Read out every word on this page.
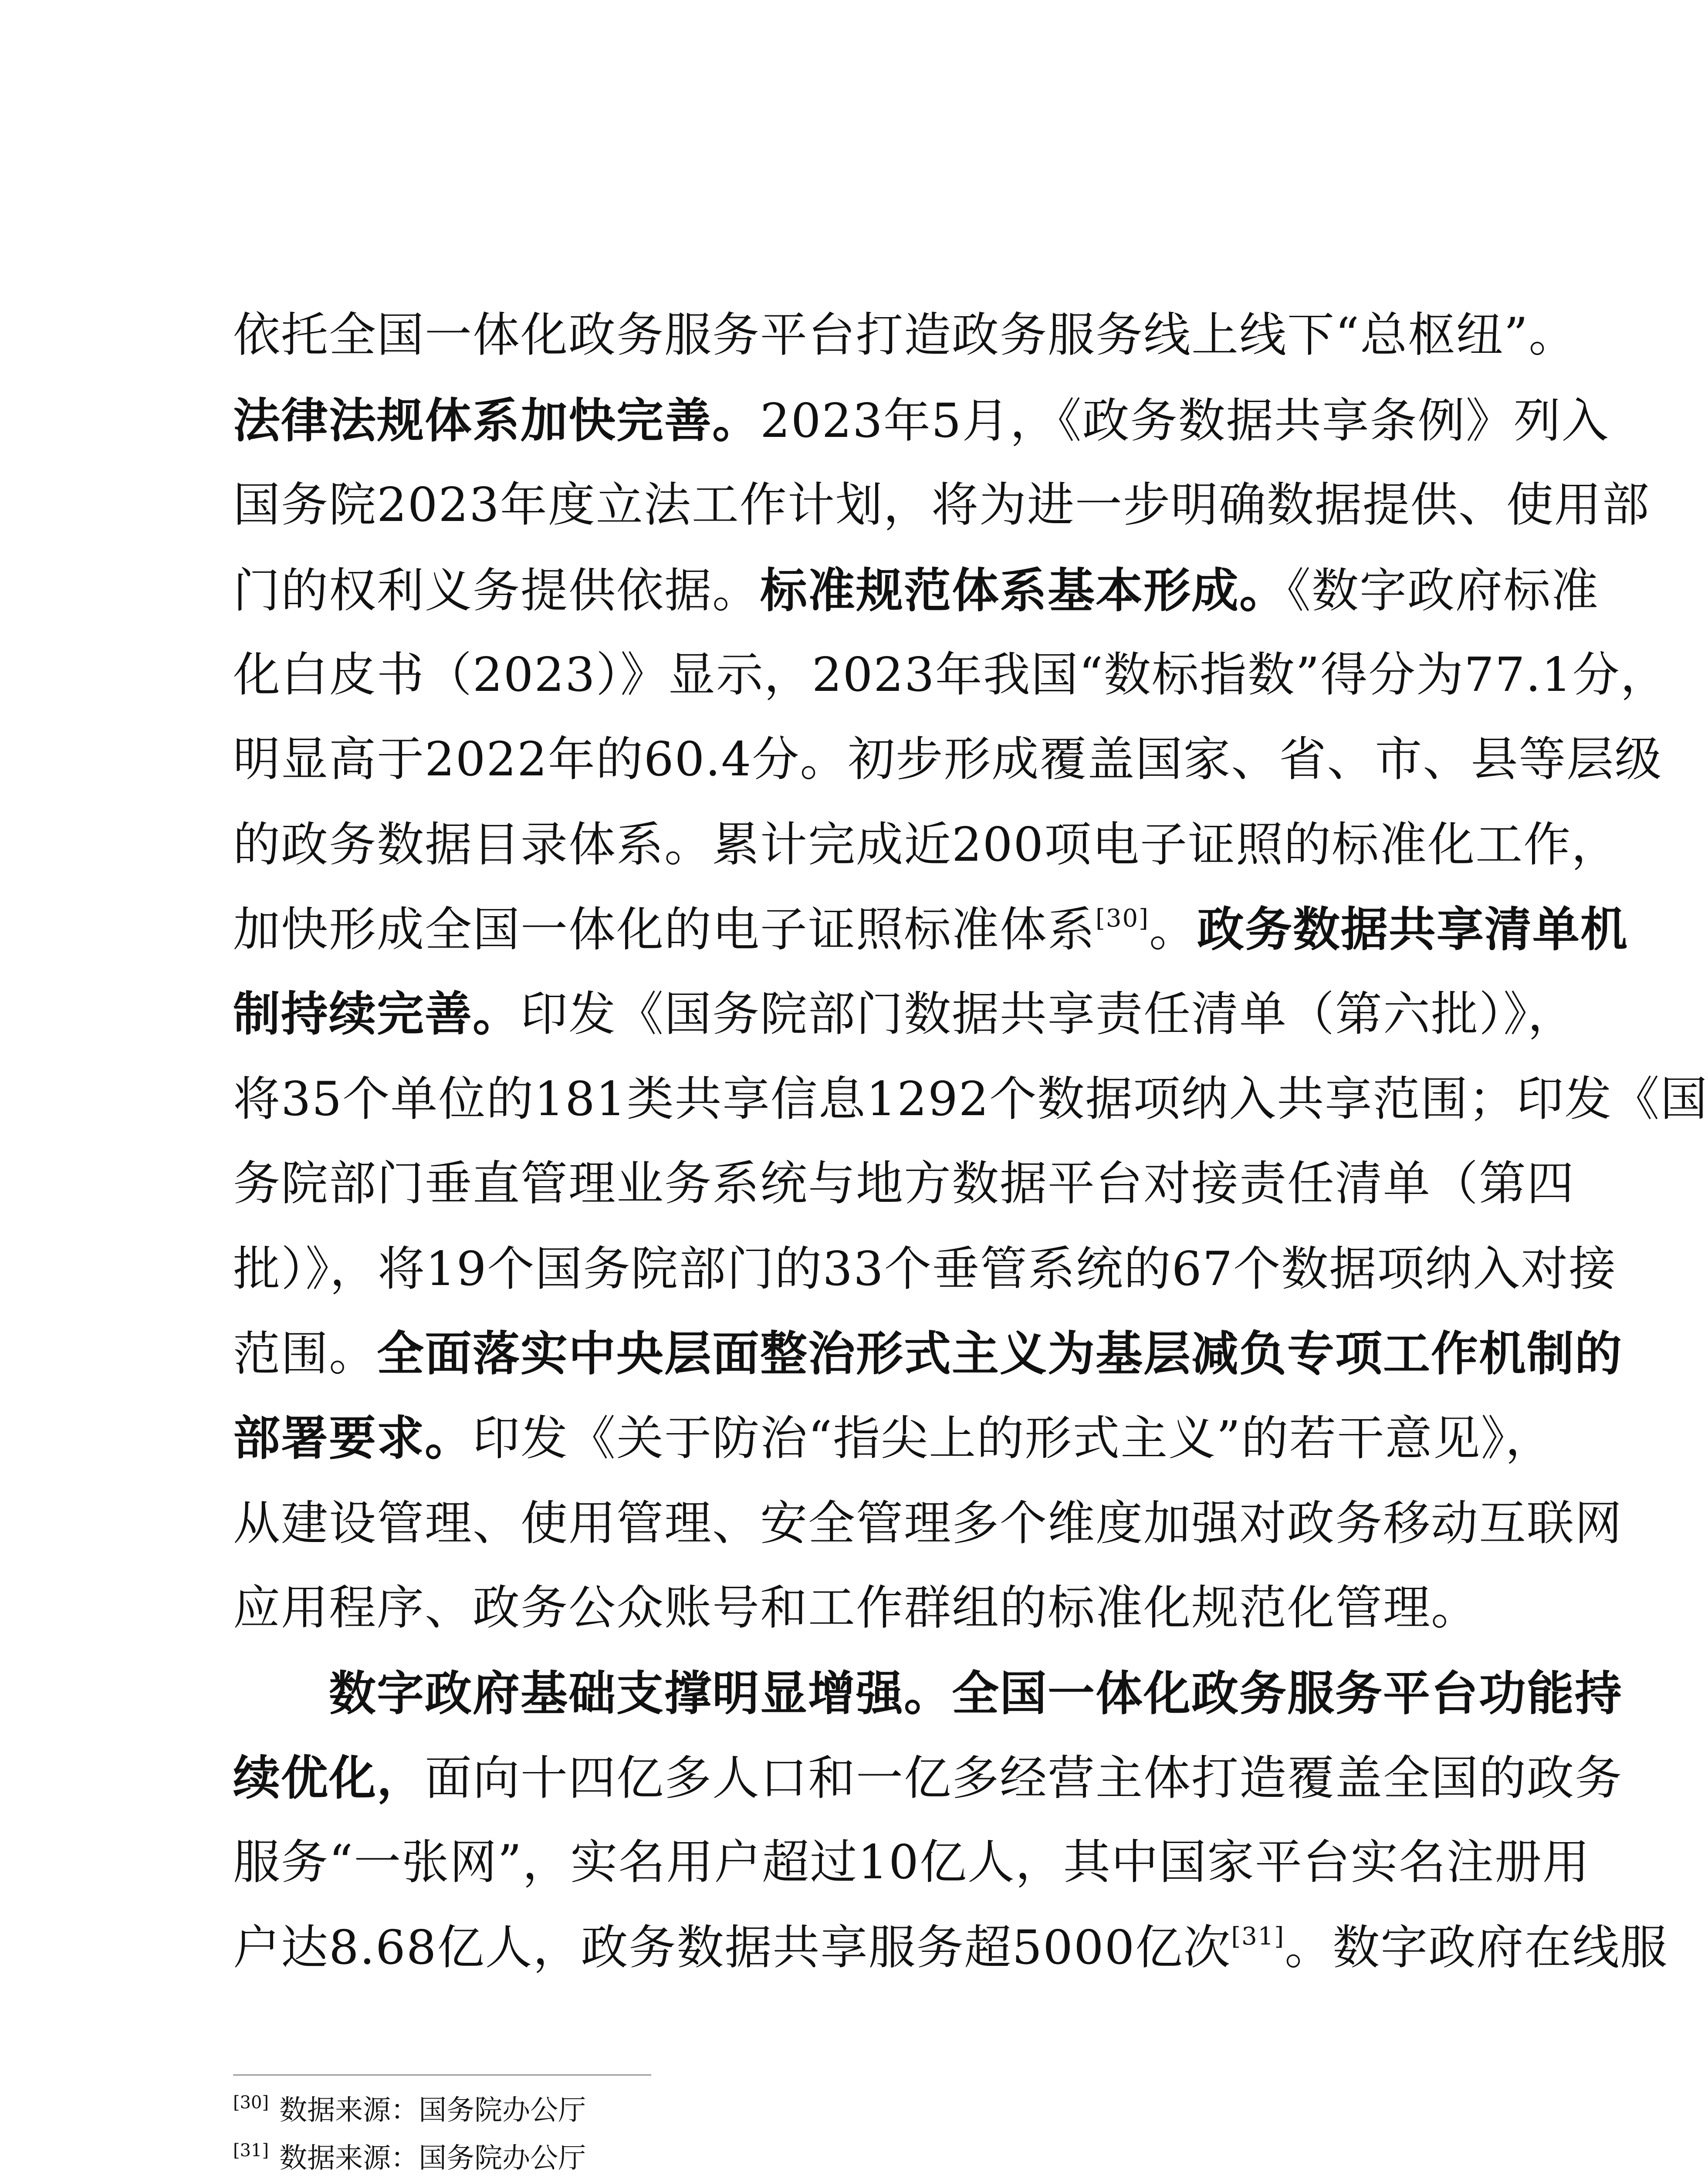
依托全国一体化政务服务平台打造政务服务线上线下“总枢纽”。
法律法规体系加快完善。2023年5月，《政务数据共享条例》列入
国务院2023年度立法工作计划，将为进一步明确数据提供、使用部
门的权利义务提供依据。标准规范体系基本形成。《数字政府标准
化白皮书（2023）》显示，2023年我国“数标指数”得分为77.1分，
明显高于2022年的60.4分。初步形成覆盖国家、省、市、县等层级
的政务数据目录体系。累计完成近200项电子证照的标准化工作，
加快形成全国一体化的电子证照标准体系[30]。政务数据共享清单机
制持续完善。印发《国务院部门数据共享责任清单（第六批）》，
将35个单位的181类共享信息1292个数据项纳入共享范围；印发《国
务院部门垂直管理业务系统与地方数据平台对接责任清单（第四
批）》，将19个国务院部门的33个垂管系统的67个数据项纳入对接
范围。全面落实中央层面整治形式主义为基层减负专项工作机制的
部署要求。印发《关于防治“指尖上的形式主义”的若干意见》，
从建设管理、使用管理、安全管理多个维度加强对政务移动互联网
应用程序、政务公众账号和工作群组的标准化规范化管理。
数字政府基础支撑明显增强。全国一体化政务服务平台功能持
续优化，面向十四亿多人口和一亿多经营主体打造覆盖全国的政务
服务“一张网”，实名用户超过10亿人，其中国家平台实名注册用
户达8.68亿人，政务数据共享服务超5000亿次[31]。数字政府在线服
[30] 数据来源：国务院办公厅
[31] 数据来源：国务院办公厅
